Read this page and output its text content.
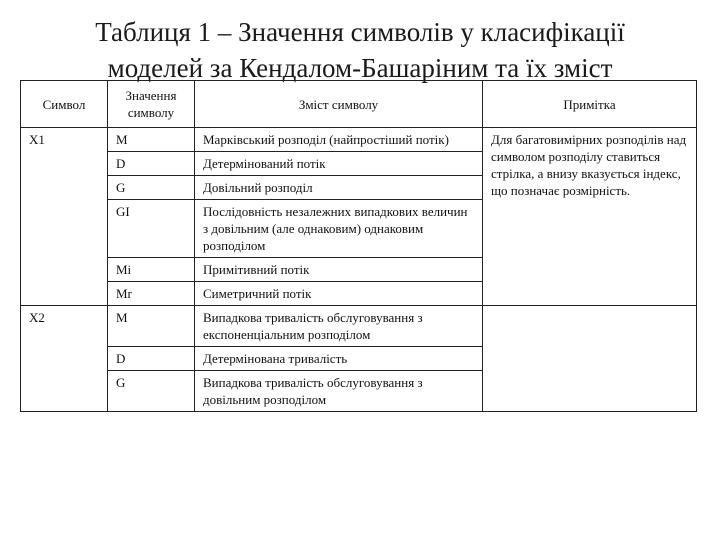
Таблиця 1 – Значення символів у класифікації
моделей за Кендалом-Башаріним та їх зміст
Символ	Значення символу	Зміст символу	Примітка
X1	M	Марківський розподіл (найпростіший потік)	Для багатовимірних розподілів над символом розподілу ставиться стрілка, а внизу вказується індекс, що позначає розмірність.
	D	Детермінований потік	
	G	Довільний розподіл	
	GI	Послідовність незалежних випадкових величин з довільним (але однаковим) однаковим розподілом	
	Mi	Примітивний потік	
	Mr	Симетричний потік	
X2	M	Випадкова тривалість обслуговування з експоненціальним розподілом	
	D	Детермінована тривалість	
	G	Випадкова тривалість обслуговування з довільним розподілом	
